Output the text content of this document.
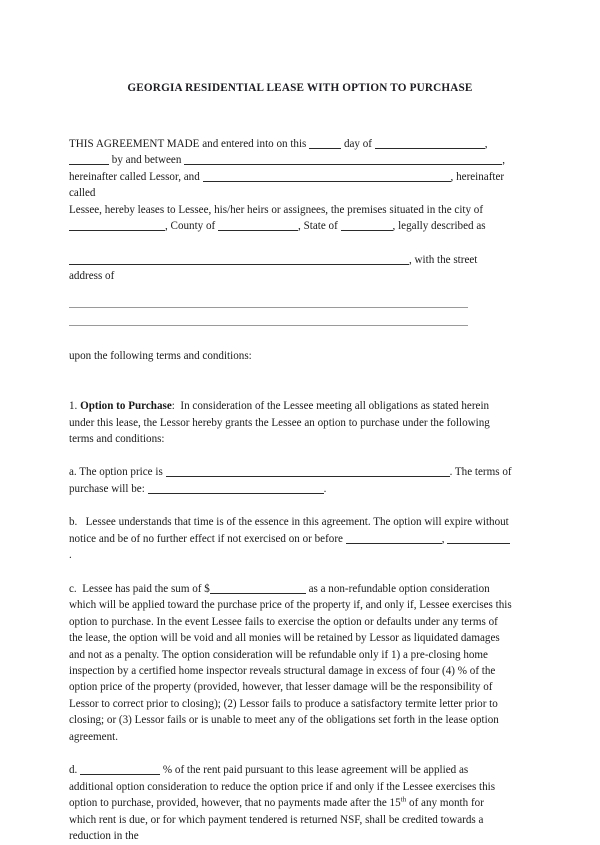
GEORGIA RESIDENTIAL LEASE WITH OPTION TO PURCHASE
THIS AGREEMENT MADE and entered into on this	day of	,
by and between	,
hereinafter called Lessor, and	, hereinafter called
Lessee, hereby leases to Lessee, his/her heirs or assignees, the premises situated in the city of
, County of	, State of	, legally described as
, with the street address of
upon the following terms and conditions:
1. Option to Purchase: In consideration of the Lessee meeting all obligations as stated herein under this lease, the Lessor hereby grants the Lessee an option to purchase under the following terms and conditions:
a. The option price is	. The terms of purchase will be:	.
b. Lessee understands that time is of the essence in this agreement. The option will expire without notice and be of no further effect if not exercised on or before	, .
c. Lessee has paid the sum of $	as a non-refundable option consideration which will be applied toward the purchase price of the property if, and only if, Lessee exercises this option to purchase. In the event Lessee fails to exercise the option or defaults under any terms of the lease, the option will be void and all monies will be retained by Lessor as liquidated damages and not as a penalty. The option consideration will be refundable only if 1) a pre-closing home inspection by a certified home inspector reveals structural damage in excess of four (4) % of the option price of the property (provided, however, that lesser damage will be the responsibility of Lessor to correct prior to closing); (2) Lessor fails to produce a satisfactory termite letter prior to closing; or (3) Lessor fails or is unable to meet any of the obligations set forth in the lease option agreement.
d.	% of the rent paid pursuant to this lease agreement will be applied as additional option consideration to reduce the option price if and only if the Lessee exercises this option to purchase, provided, however, that no payments made after the 15th of any month for which rent is due, or for which payment tendered is returned NSF, shall be credited towards a reduction in the
